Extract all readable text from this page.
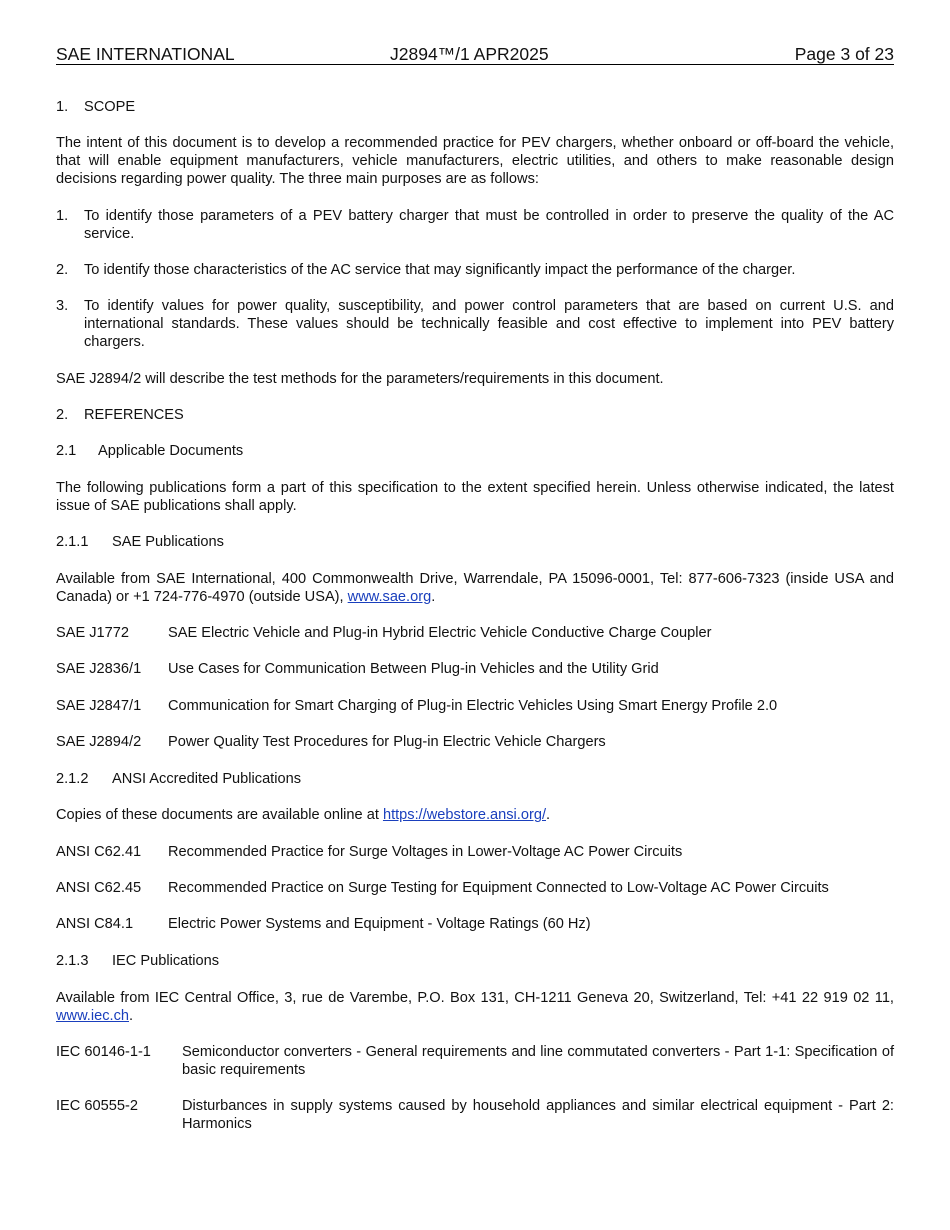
SAE INTERNATIONAL	J2894™/1 APR2025	Page 3 of 23
1. SCOPE
The intent of this document is to develop a recommended practice for PEV chargers, whether onboard or off-board the vehicle, that will enable equipment manufacturers, vehicle manufacturers, electric utilities, and others to make reasonable design decisions regarding power quality. The three main purposes are as follows:
1. To identify those parameters of a PEV battery charger that must be controlled in order to preserve the quality of the AC service.
2. To identify those characteristics of the AC service that may significantly impact the performance of the charger.
3. To identify values for power quality, susceptibility, and power control parameters that are based on current U.S. and international standards. These values should be technically feasible and cost effective to implement into PEV battery chargers.
SAE J2894/2 will describe the test methods for the parameters/requirements in this document.
2. REFERENCES
2.1 Applicable Documents
The following publications form a part of this specification to the extent specified herein. Unless otherwise indicated, the latest issue of SAE publications shall apply.
2.1.1 SAE Publications
Available from SAE International, 400 Commonwealth Drive, Warrendale, PA 15096-0001, Tel: 877-606-7323 (inside USA and Canada) or +1 724-776-4970 (outside USA), www.sae.org.
SAE J1772	SAE Electric Vehicle and Plug-in Hybrid Electric Vehicle Conductive Charge Coupler
SAE J2836/1 Use Cases for Communication Between Plug-in Vehicles and the Utility Grid
SAE J2847/1 Communication for Smart Charging of Plug-in Electric Vehicles Using Smart Energy Profile 2.0
SAE J2894/2 Power Quality Test Procedures for Plug-in Electric Vehicle Chargers
2.1.2 ANSI Accredited Publications
Copies of these documents are available online at https://webstore.ansi.org/.
ANSI C62.41 Recommended Practice for Surge Voltages in Lower-Voltage AC Power Circuits
ANSI C62.45 Recommended Practice on Surge Testing for Equipment Connected to Low-Voltage AC Power Circuits
ANSI C84.1 Electric Power Systems and Equipment - Voltage Ratings (60 Hz)
2.1.3 IEC Publications
Available from IEC Central Office, 3, rue de Varembe, P.O. Box 131, CH-1211 Geneva 20, Switzerland, Tel: +41 22 919 02 11, www.iec.ch.
IEC 60146-1-1 Semiconductor converters - General requirements and line commutated converters - Part 1-1: Specification of basic requirements
IEC 60555-2	Disturbances in supply systems caused by household appliances and similar electrical equipment - Part 2: Harmonics
